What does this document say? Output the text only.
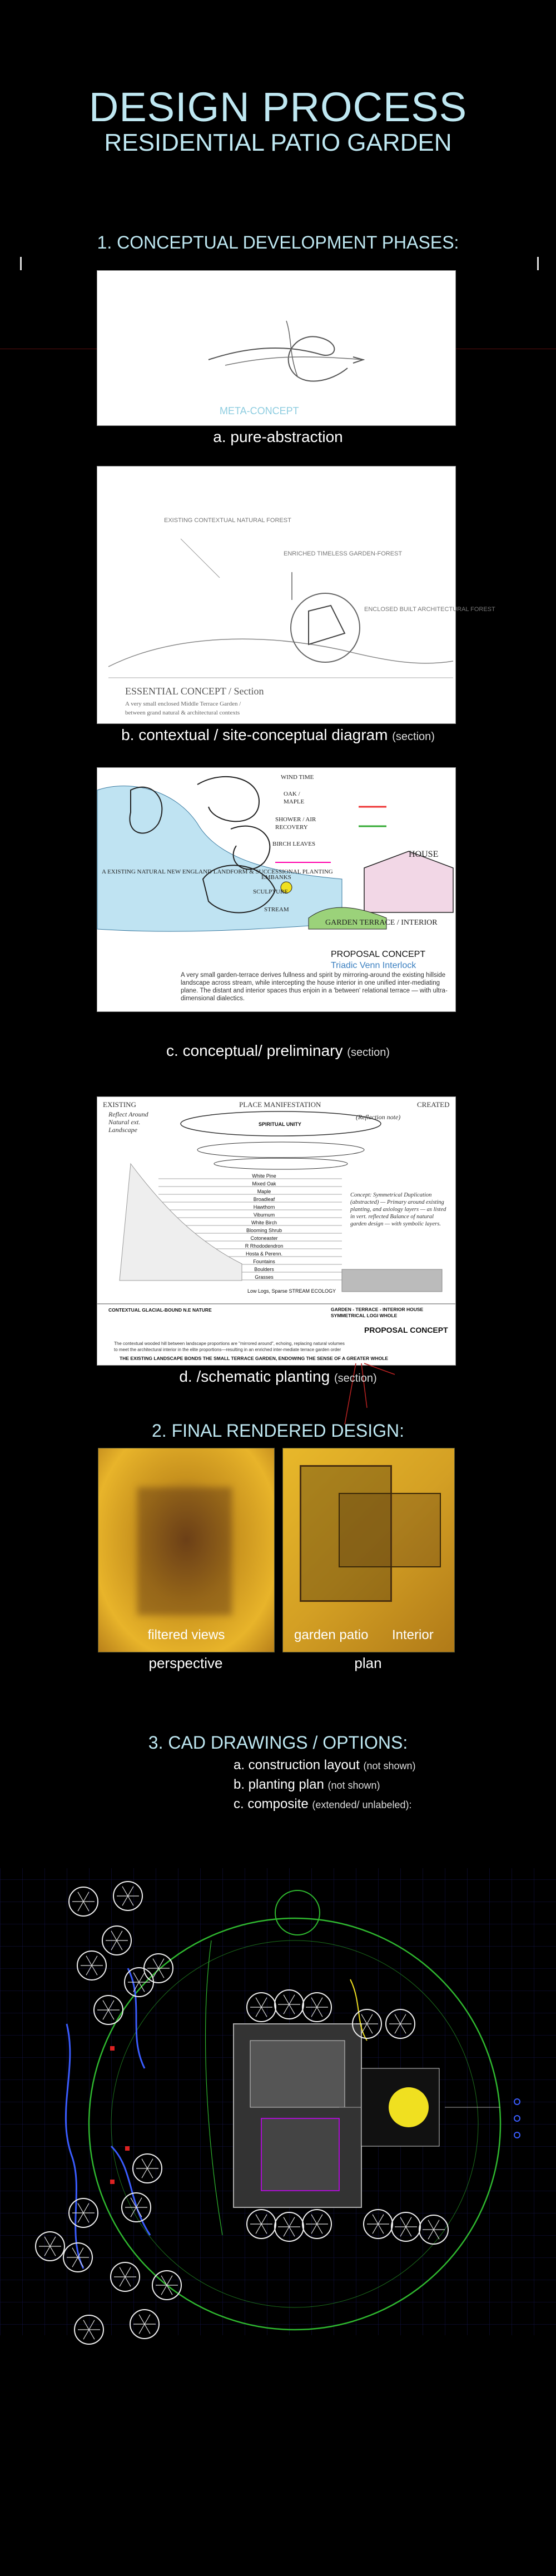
DESIGN PROCESS
RESIDENTIAL PATIO GARDEN
1. CONCEPTUAL DEVELOPMENT PHASES:
META-CONCEPT
a. pure-abstraction
EXISTING CONTEXTUAL NATURAL FOREST
ENRICHED TIMELESS GARDEN-FOREST
ENCLOSED BUILT ARCHITECTURAL FOREST
ESSENTIAL CONCEPT / Section
A very small enclosed Middle Terrace Garden /
between grand natural & architectural contexts
b. contextual / site-conceptual diagram (section)
WIND TIME
OAK /
MAPLE
SHOWER / AIR
RECOVERY
BIRCH LEAVES
HOUSE
A EXISTING NATURAL NEW ENGLAND LANDFORM & SUCCESSIONAL PLANTING
EMBANKS
SCULPTURE
STREAM
GARDEN TERRACE / INTERIOR
PROPOSAL CONCEPT
Triadic Venn Interlock
A very small garden-terrace derives fullness and spirit by mirroring-around the existing hillside landscape across stream, while intercepting the house interior in one unified inter-mediating plane. The distant and interior spaces thus enjoin in a 'between' relational terrace — with ultra-dimensional dialectics.
c. conceptual/ preliminary (section)
EXISTING	PLACE MANIFESTATION	CREATED
Reflect Around Natural ext. Landscape
(Reflection note)
SPIRITUAL UNITY
White Pine
Mixed Oak
Maple
Broadleaf
Hawthorn
Viburnum
White Birch
Blooming Shrub
Cotoneaster
R Rhododendron
Hosta & Perenn.
Fountains
Boulders
Grasses
Concept: Symmetrical Duplication (abstracted) — Primary around existing planting, and axiology layers — as listed in vert. reflected Balance of natural garden design — with symbolic layers.
Low Logs, Sparse STREAM ECOLOGY
CONTEXTUAL GLACIAL-BOUND N.E NATURE	GARDEN - TERRACE - INTERIOR HOUSE SYMMETRICAL LOGI WHOLE
PROPOSAL CONCEPT
The contextual wooded hill between landscape proportions are "mirrored around", echoing, replacing natural volumes
to meet the architectural interior in the elite proportions—resulting in an enriched inter-mediate terrace garden order
THE EXISTING LANDSCAPE BONDS THE SMALL TERRACE GARDEN, ENDOWING THE SENSE OF A GREATER WHOLE
d. /schematic planting (section)
2. FINAL RENDERED DESIGN:
filtered views	garden patio Interior
perspective	plan
3. CAD DRAWINGS / OPTIONS:
a. construction layout (not shown)
b. planting plan (not shown)
c. composite (extended/ unlabeled):
